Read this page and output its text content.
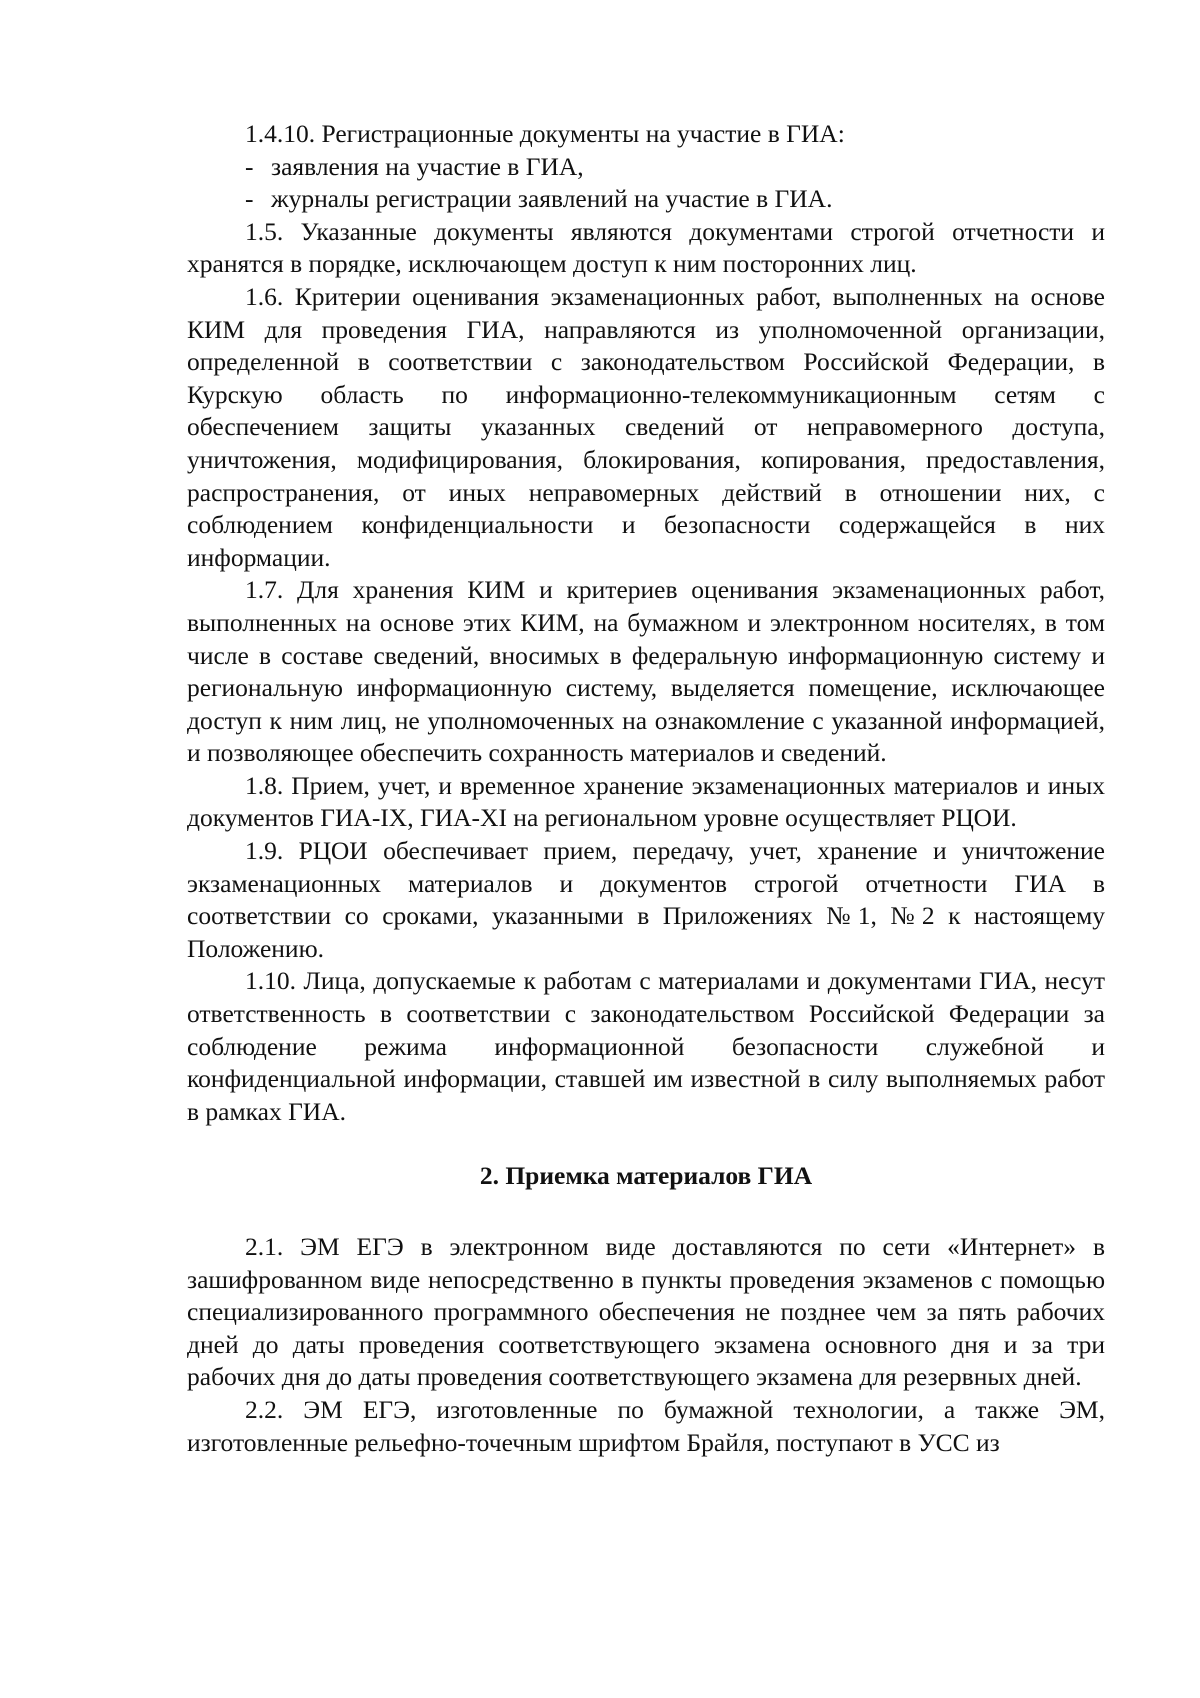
1.4.10. Регистрационные документы на участие в ГИА:

- заявления на участие в ГИА,

- журналы регистрации заявлений на участие в ГИА.

1.5. Указанные документы являются документами строгой отчетности и хранятся в порядке, исключающем доступ к ним посторонних лиц.

1.6. Критерии оценивания экзаменационных работ, выполненных на основе КИМ для проведения ГИА, направляются из уполномоченной организации, определенной в соответствии с законодательством Российской Федерации, в Курскую область по информационно-телекоммуникационным сетям с обеспечением защиты указанных сведений от неправомерного доступа, уничтожения, модифицирования, блокирования, копирования, предоставления, распространения, от иных неправомерных действий в отношении них, с соблюдением конфиденциальности и безопасности содержащейся в них информации.

1.7. Для хранения КИМ и критериев оценивания экзаменационных работ, выполненных на основе этих КИМ, на бумажном и электронном носителях, в том числе в составе сведений, вносимых в федеральную информационную систему и региональную информационную систему, выделяется помещение, исключающее доступ к ним лиц, не уполномоченных на ознакомление с указанной информацией, и позволяющее обеспечить сохранность материалов и сведений.

1.8. Прием, учет, и временное хранение экзаменационных материалов и иных документов ГИА-IX, ГИА-XI на региональном уровне осуществляет РЦОИ.

1.9. РЦОИ обеспечивает прием, передачу, учет, хранение и уничтожение экзаменационных материалов и документов строгой отчетности ГИА в соответствии со сроками, указанными в Приложениях №1, №2 к настоящему Положению.

1.10. Лица, допускаемые к работам с материалами и документами ГИА, несут ответственность в соответствии с законодательством Российской Федерации за соблюдение режима информационной безопасности служебной и конфиденциальной информации, ставшей им известной в силу выполняемых работ в рамках ГИА.

2. Приемка материалов ГИА

2.1. ЭМ ЕГЭ в электронном виде доставляются по сети «Интернет» в зашифрованном виде непосредственно в пункты проведения экзаменов с помощью специализированного программного обеспечения не позднее чем за пять рабочих дней до даты проведения соответствующего экзамена основного дня и за три рабочих дня до даты проведения соответствующего экзамена для резервных дней.

2.2. ЭМ ЕГЭ, изготовленные по бумажной технологии, а также ЭМ, изготовленные рельефно-точечным шрифтом Брайля, поступают в УСС из
